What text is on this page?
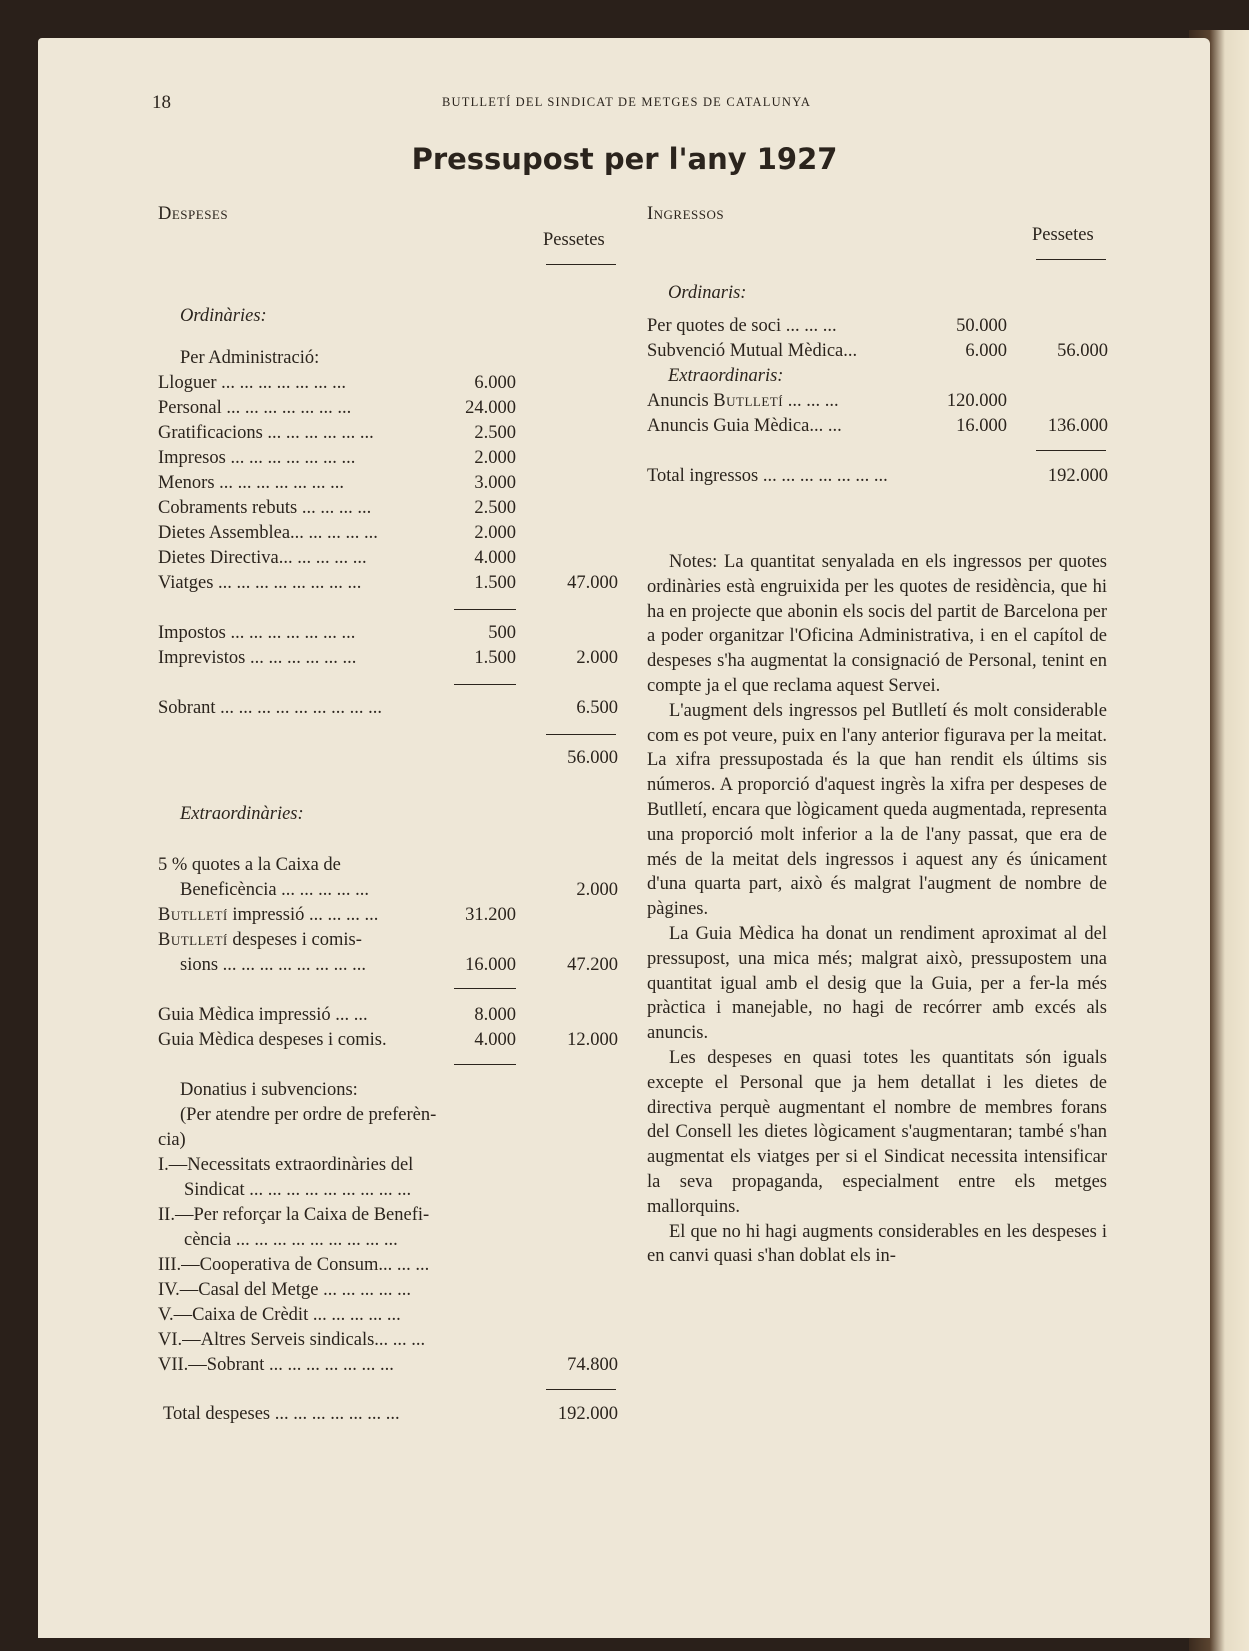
18	BUTLLETÍ DEL SINDICAT DE METGES DE CATALUNYA
Pressupost per l'any 1927
Despeses
Pessetes
Ordinàries:
Per Administració:
Lloguer ... ... ... ... ... ... ...	6.000
Personal ... ... ... ... ... ... ...	24.000
Gratificacions ... ... ... ... ... ...	2.500
Impresos ... ... ... ... ... ... ...	2.000
Menors ... ... ... ... ... ... ...	3.000
Cobraments rebuts ... ... ... ...	2.500
Dietes Assemblea... ... ... ... ...	2.000
Dietes Directiva... ... ... ... ...	4.000
Viatges ... ... ... ... ... ... ... ...	1.500	47.000
Impostos ... ... ... ... ... ... ...	500
Imprevistos ... ... ... ... ... ...	1.500	2.000
Sobrant ... ... ... ... ... ... ... ... ...	6.500
56.000
Extraordinàries:
5 % quotes a la Caixa de
Beneficència ... ... ... ... ...	2.000
Butlletí impressió ... ... ... ...	31.200
Butlletí despeses i comis-
sions ... ... ... ... ... ... ... ...	16.000	47.200
Guia Mèdica impressió ... ...	8.000
Guia Mèdica despeses i comis.	4.000	12.000
Donatius i subvencions:
(Per atendre per ordre de preferèn-
cia)
I.—Necessitats extraordinàries del
Sindicat ... ... ... ... ... ... ... ... ...
II.—Per reforçar la Caixa de Benefi-
cència ... ... ... ... ... ... ... ... ...
III.—Cooperativa de Consum... ... ...
IV.—Casal del Metge ... ... ... ... ...
V.—Caixa de Crèdit ... ... ... ... ...
VI.—Altres Serveis sindicals... ... ...
VII.—Sobrant ... ... ... ... ... ... ...	74.800
Total despeses ... ... ... ... ... ... ...	192.000
Ingressos
Pessetes
Ordinaris:
Per quotes de soci ... ... ...	50.000
Subvenció Mutual Mèdica...	6.000	56.000
Extraordinaris:
Anuncis Butlletí ... ... ...	120.000
Anuncis Guia Mèdica... ...	16.000	136.000
Total ingressos ... ... ... ... ... ... ...	192.000

Notes: La quantitat senyalada en els ingressos per quotes ordinàries està engruixida per les quotes de residència, que hi ha en projecte que abonin els socis del partit de Barcelona per a poder organitzar l'Oficina Administrativa, i en el capítol de despeses s'ha augmentat la consignació de Personal, tenint en compte ja el que reclama aquest Servei.

L'augment dels ingressos pel Butlletí és molt considerable com es pot veure, puix en l'any anterior figurava per la meitat. La xifra pressupostada és la que han rendit els últims sis números. A proporció d'aquest ingrès la xifra per despeses de Butlletí, encara que lògicament queda augmentada, representa una proporció molt inferior a la de l'any passat, que era de més de la meitat dels ingressos i aquest any és únicament d'una quarta part, això és malgrat l'augment de nombre de pàgines.

La Guia Mèdica ha donat un rendiment aproximat al del pressupost, una mica més; malgrat això, pressupostem una quantitat igual amb el desig que la Guia, per a fer-la més pràctica i manejable, no hagi de recórrer amb excés als anuncis.

Les despeses en quasi totes les quantitats són iguals excepte el Personal que ja hem detallat i les dietes de directiva perquè augmentant el nombre de membres forans del Consell les dietes lògicament s'augmentaran; també s'han augmentat els viatges per si el Sindicat necessita intensificar la seva propaganda, especialment entre els metges mallorquins.

El que no hi hagi augments considerables en les despeses i en canvi quasi s'han doblat els in-
